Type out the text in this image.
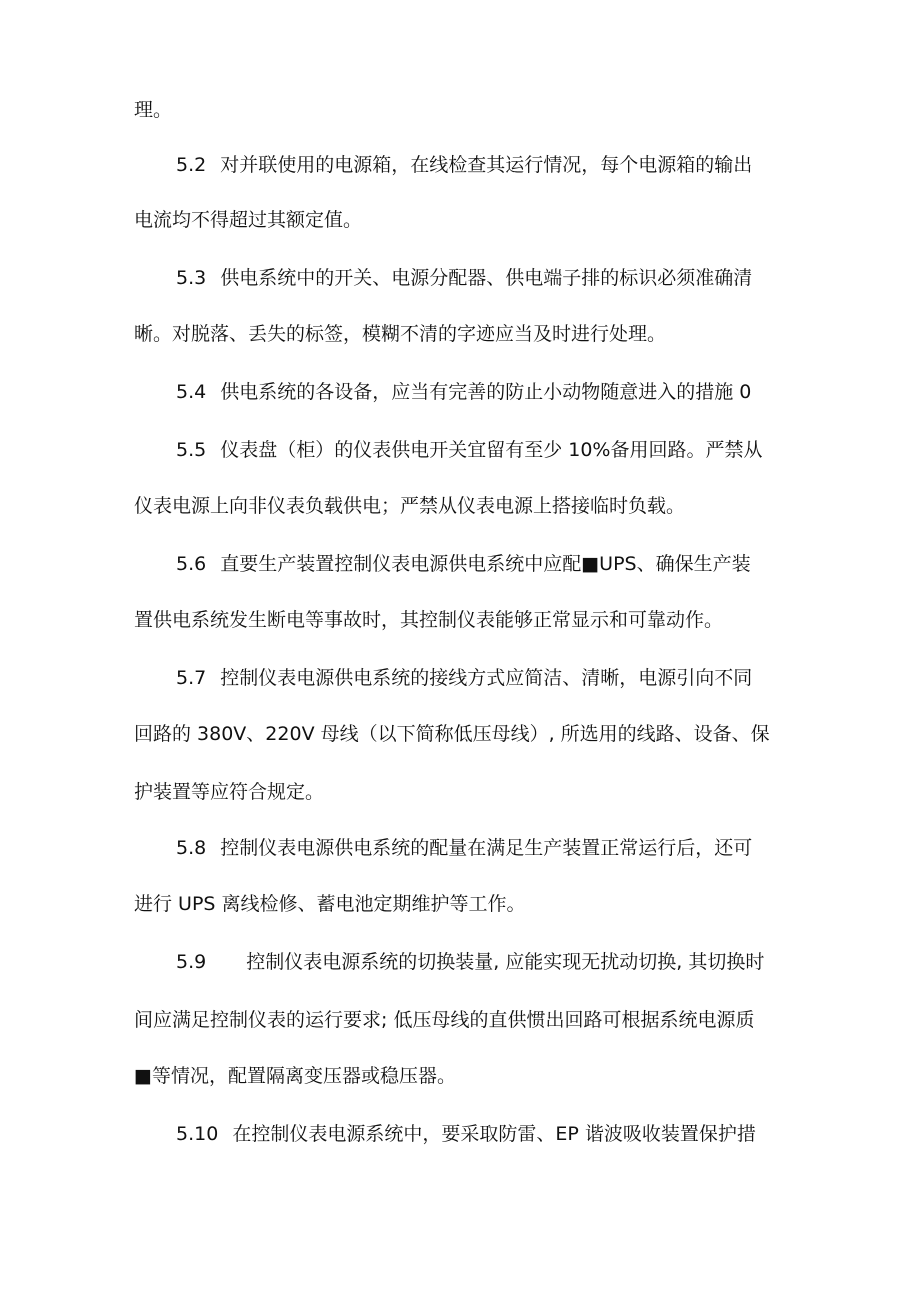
理。
5.2 对并联使用的电源箱，在线检查其运行情况，每个电源箱的输出
电流均不得超过其额定值。
5.3 供电系统中的开关、电源分配器、供电端子排的标识必须准确清
晰。对脱落、丢失的标签，模糊不清的字迹应当及时进行处理。
5.4 供电系统的各设备，应当有完善的防止小动物随意进入的措施 0
5.5 仪表盘（柜）的仪表供电开关宜留有至少 10%备用回路。严禁从
仪表电源上向非仪表负载供电；严禁从仪表电源上搭接临时负载。
5.6 直要生产装置控制仪表电源供电系统中应配■UPS、确保生产装
置供电系统发生断电等事故时，其控制仪表能够正常显示和可靠动作。
5.7 控制仪表电源供电系统的接线方式应简洁、清晰，电源引向不同
回路的 380V、220V 母线（以下简称低压母线）, 所选用的线路、设备、保
护装置等应符合规定。
5.8 控制仪表电源供电系统的配量在满足生产装置正常运行后，还可
进行 UPS 离线检修、蓄电池定期维护等工作。
5.9 控制仪表电源系统的切换装量, 应能实现无扰动切换, 其切换时
间应满足控制仪表的运行要求; 低压母线的直供惯出回路可根据系统电源质
■等情况，配置隔离变压器或稳压器。
5.10 在控制仪表电源系统中，要采取防雷、EP 谐波吸收装置保护措
